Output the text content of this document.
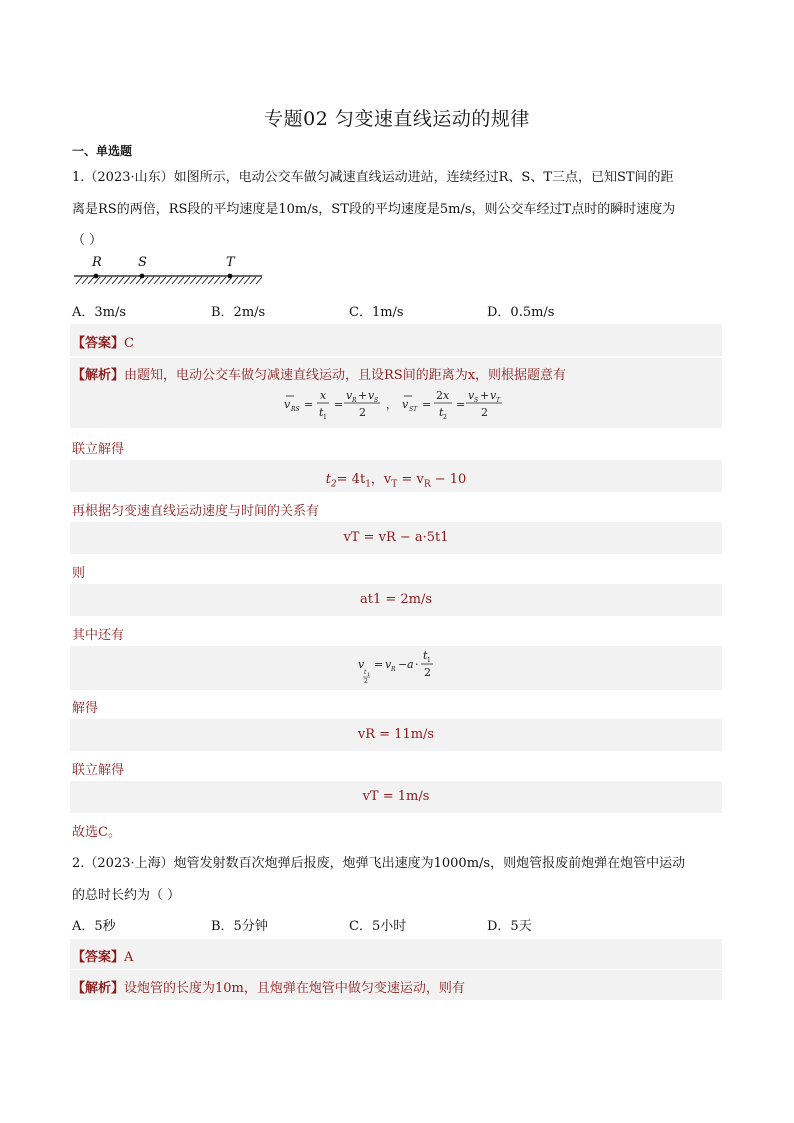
专题02 匀变速直线运动的规律
一、单选题
1.（2023·山东）如图所示，电动公交车做匀减速直线运动进站，连续经过R、S、T三点，已知ST间的距
离是RS的两倍，RS段的平均速度是10m/s，ST段的平均速度是5m/s，则公交车经过T点时的瞬时速度为
（ ）
R	S	T
A．3m/s	B．2m/s	C．1m/s	D．0.5m/s
【答案】C
【解析】由题知，电动公交车做匀减速直线运动，且设RS间的距离为x，则根据题意有
v RS =
x
t 1
=
v R + v S
2
， v ST =
2 x
t 2
=
v S + v T
2
联立解得
$t_2= 4t_1$，$v_T = v_R - 10$
再根据匀变速直线运动速度与时间的关系有
vT = vR − a·5t1
则
at1 = 2m/s
其中还有
v
t 1
2
= v R − a ·
t 1
2
解得
vR = 11m/s
联立解得
vT = 1m/s
故选C。
2.（2023·上海）炮管发射数百次炮弹后报废，炮弹飞出速度为1000m/s，则炮管报废前炮弹在炮管中运动
的总时长约为（ ）
A．5秒	B．5分钟	C．5小时	D．5天
【答案】A
【解析】设炮管的长度为10m，且炮弹在炮管中做匀变速运动，则有
